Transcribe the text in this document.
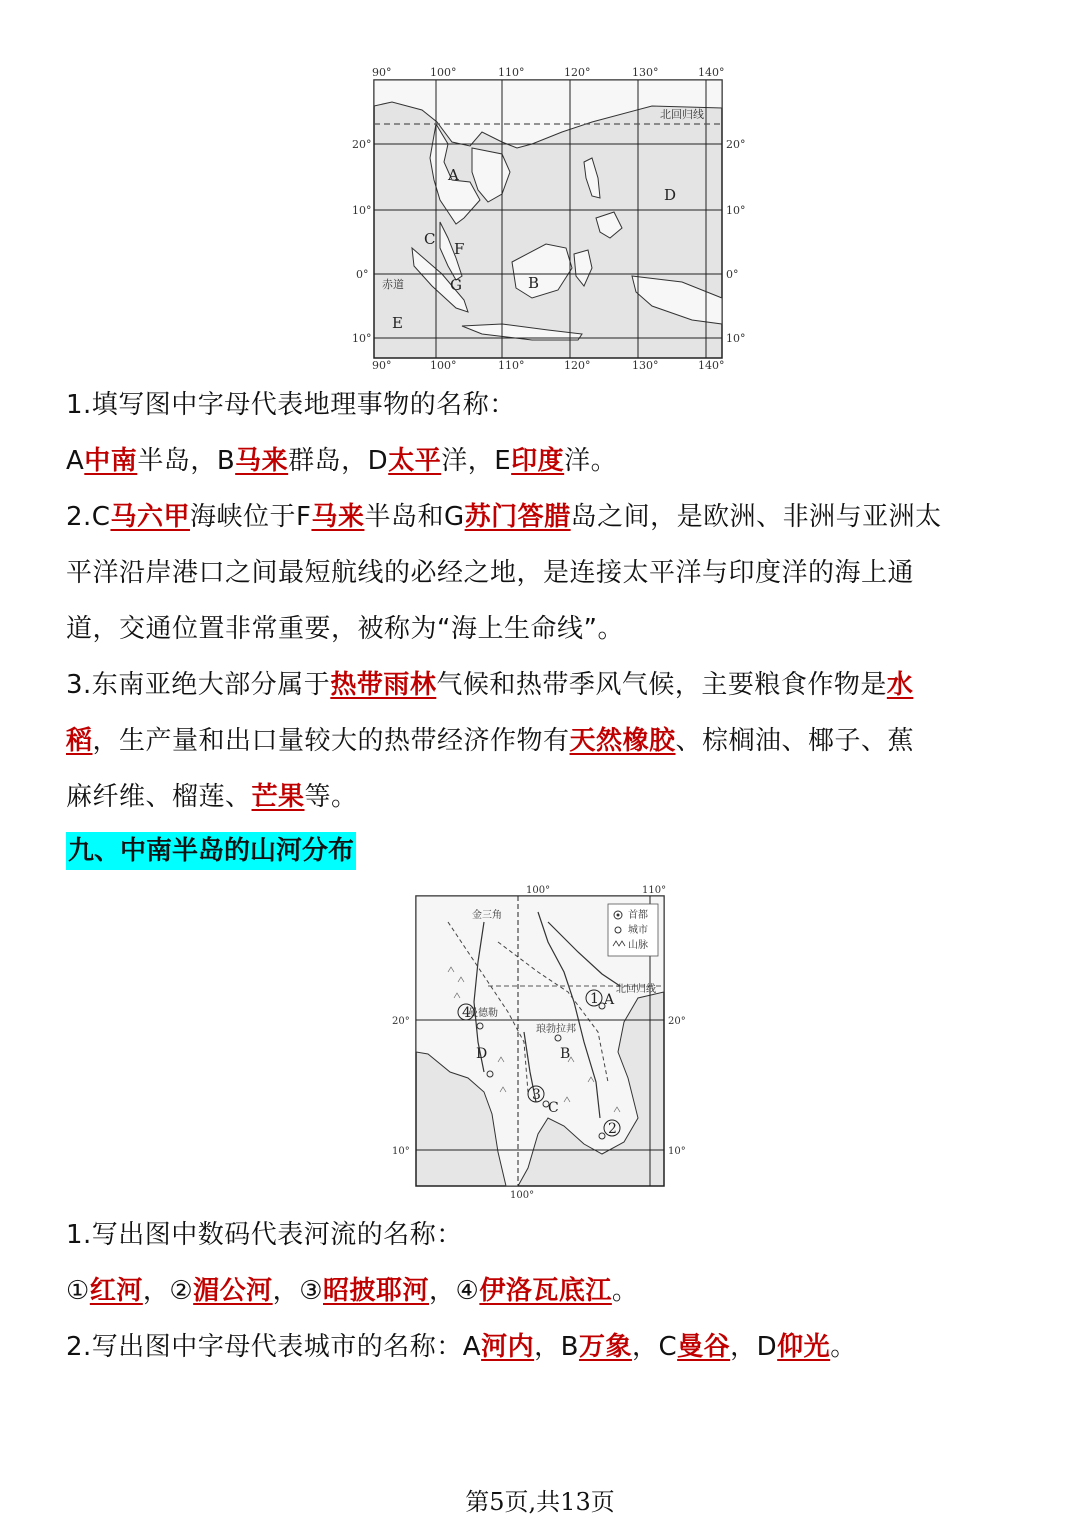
90°	100°	110°	120°	130°	140°
90°	100°	110°	120°	130°	140°
20°
10°
0°
10°
20°
10°
0°
10°
北回归线
赤道
A
B
C
D
E
F
G
1.填写图中字母代表地理事物的名称：
A中南半岛，B马来群岛，D太平洋，E印度洋。
2.C马六甲海峡位于F马来半岛和G苏门答腊岛之间，是欧洲、非洲与亚洲太
平洋沿岸港口之间最短航线的必经之地，是连接太平洋与印度洋的海上通
道，交通位置非常重要，被称为“海上生命线”。
3.东南亚绝大部分属于热带雨林气候和热带季风气候，主要粮食作物是水
稻，生产量和出口量较大的热带经济作物有天然橡胶、棕榈油、椰子、蕉
麻纤维、榴莲、芒果等。
九、中南半岛的山河分布
首都
城市
山脉
100°	110°
100°
20°
10°
20°
10°
北回归线
曼德勒
琅勃拉邦
金三角
1
2
3
4
A
B
C
D
1.写出图中数码代表河流的名称：
①红河，②湄公河，③昭披耶河，④伊洛瓦底江。
2.写出图中字母代表城市的名称：A河内，B万象，C曼谷，D仰光。
第5页,共13页
